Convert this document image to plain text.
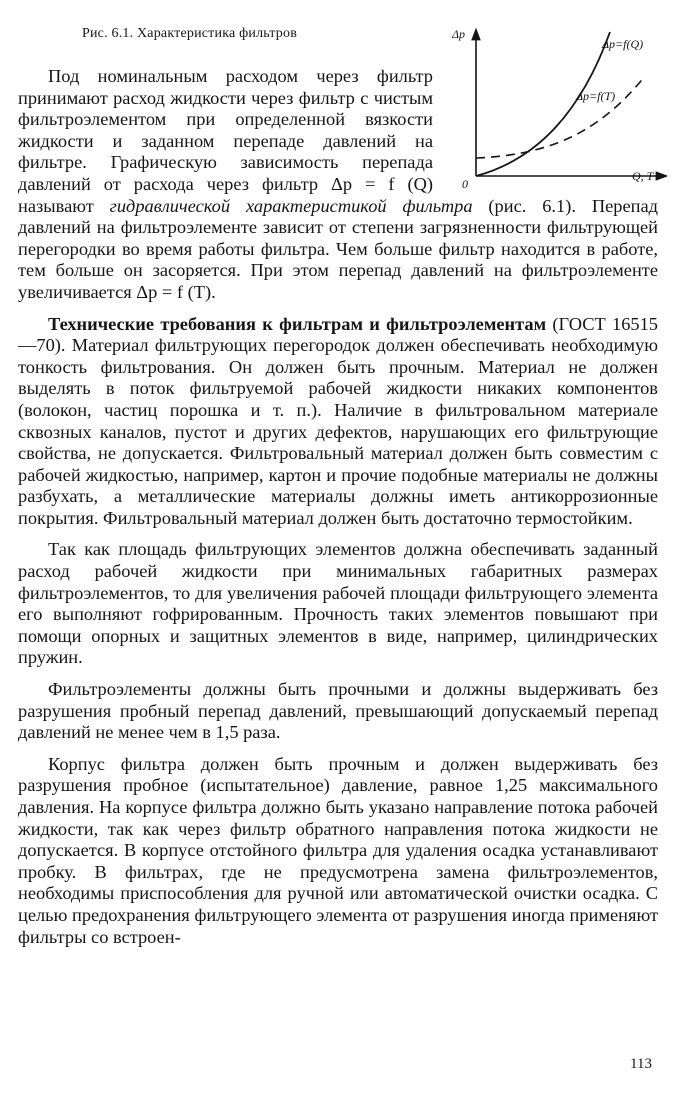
Рис. 6.1. Характеристика фильтров	Δp
Q, T
0
Δp=f(Q)
Δp=f(T)

Под номинальным расходом через фильтр принимают расход жидкости через фильтр с чистым фильтроэлементом при определенной вязкости жидкости и заданном перепаде давлений на фильтре. Графическую зависимость перепада давлений от расхода через фильтр Δp = f (Q) называют гидравлической характеристикой фильтра (рис. 6.1). Перепад давлений на фильтроэлементе зависит от степени загрязненности фильтрующей перегородки во время работы фильтра. Чем больше фильтр находится в работе, тем больше он засоряется. При этом перепад давлений на фильтроэлементе увеличивается Δp = f (T).

Технические требования к фильтрам и фильтроэлементам (ГОСТ 16515—70). Материал фильтрующих перегородок должен обеспечивать необходимую тонкость фильтрования. Он должен быть прочным. Материал не должен выделять в поток фильтруемой рабочей жидкости никаких компонентов (волокон, частиц порошка и т. п.). Наличие в фильтровальном материале сквозных каналов, пустот и других дефектов, нарушающих его фильтрующие свойства, не допускается. Фильтровальный материал должен быть совместим с рабочей жидкостью, например, картон и прочие подобные материалы не должны разбухать, а металлические материалы должны иметь антикоррозионные покрытия. Фильтровальный материал должен быть достаточно термостойким.

Так как площадь фильтрующих элементов должна обеспечивать заданный расход рабочей жидкости при минимальных габаритных размерах фильтроэлементов, то для увеличения рабочей площади фильтрующего элемента его выполняют гофрированным. Прочность таких элементов повышают при помощи опорных и защитных элементов в виде, например, цилиндрических пружин.

Фильтроэлементы должны быть прочными и должны выдерживать без разрушения пробный перепад давлений, превышающий допускаемый перепад давлений не менее чем в 1,5 раза.

Корпус фильтра должен быть прочным и должен выдерживать без разрушения пробное (испытательное) давление, равное 1,25 максимального давления. На корпусе фильтра должно быть указано направление потока рабочей жидкости, так как через фильтр обратного направления потока жидкости не допускается. В корпусе отстойного фильтра для удаления осадка устанавливают пробку. В фильтрах, где не предусмотрена замена фильтроэлементов, необходимы приспособления для ручной или автоматической очистки осадка. С целью предохранения фильтрующего элемента от разрушения иногда применяют фильтры со встроен-

113
